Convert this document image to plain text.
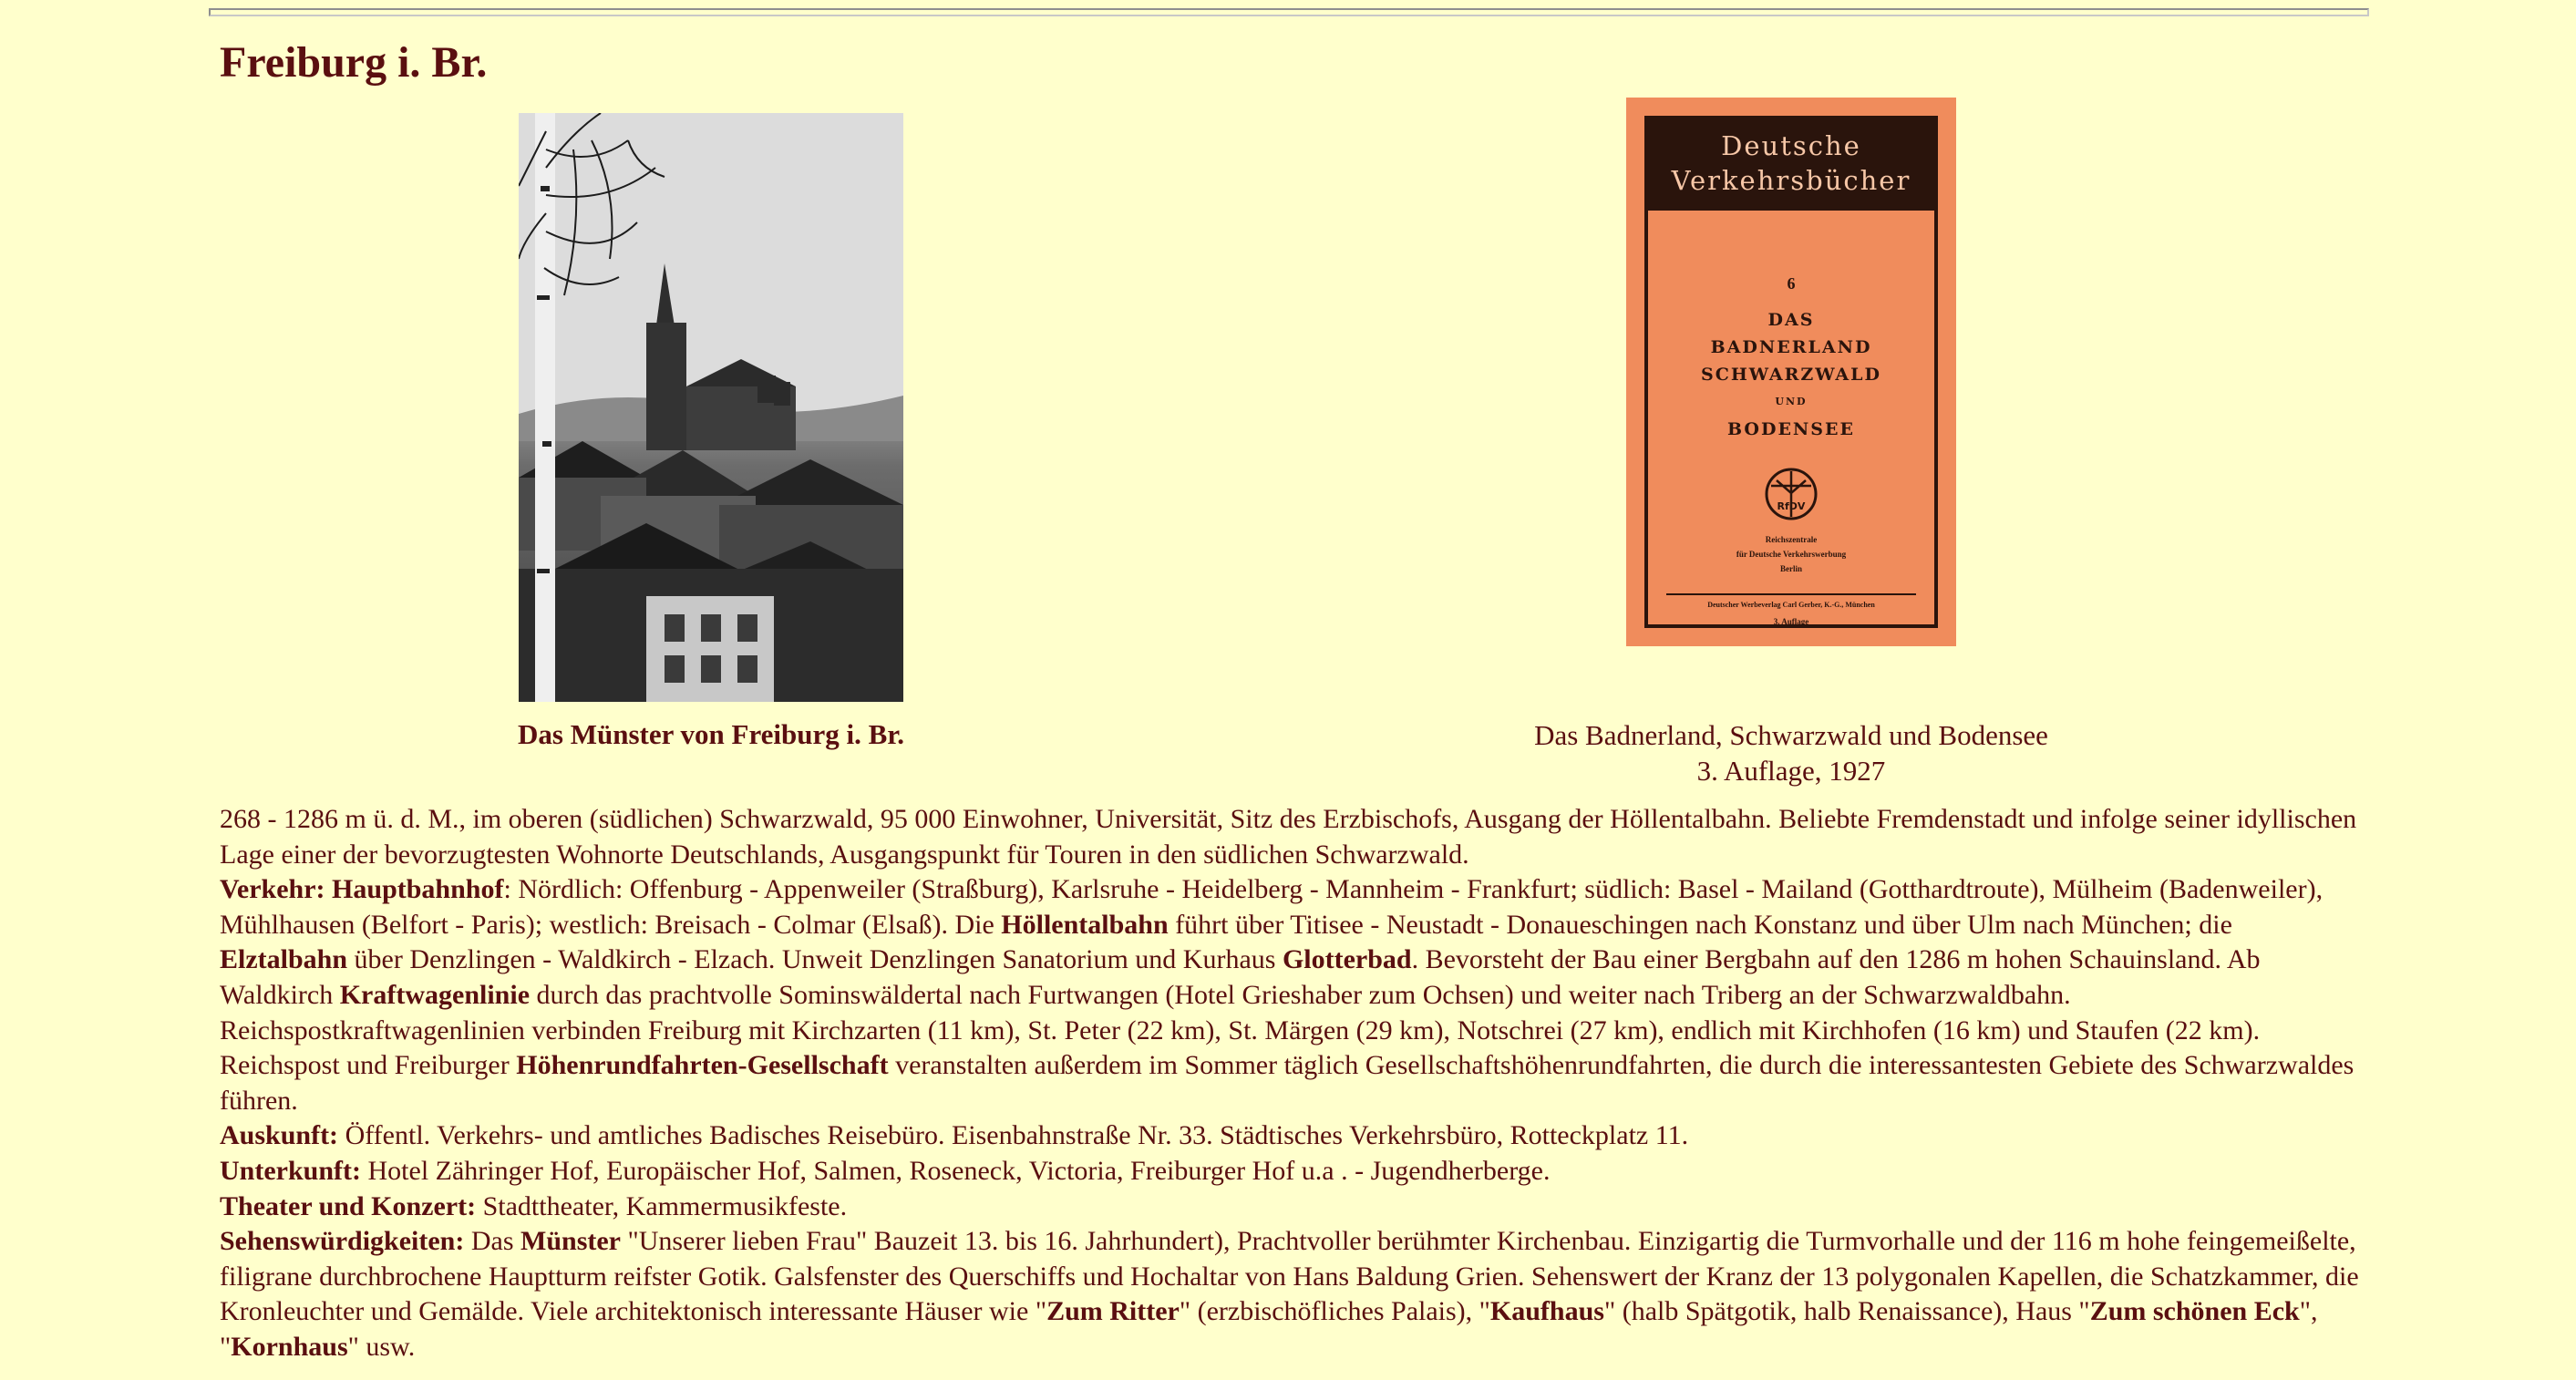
Freiburg i. Br.
Das Münster von Freiburg i. Br.
Deutsche
Verkehrsbücher
6
DAS
BADNERLAND
SCHWARZWALD
UND
BODENSEE
RfDV
Reichszentrale
für Deutsche Verkehrswerbung
Berlin
Deutscher Werbeverlag Carl Gerber, K.-G., München
3. Auflage
Das Badnerland, Schwarzwald und Bodensee
3. Auflage, 1927

268 - 1286 m ü. d. M., im oberen (südlichen) Schwarzwald, 95 000 Einwohner, Universität, Sitz des Erzbischofs, Ausgang der Höllentalbahn. Beliebte Fremdenstadt und infolge seiner idyllischen Lage einer der bevorzugtesten Wohnorte Deutschlands, Ausgangspunkt für Touren in den südlichen Schwarzwald.

Verkehr: Hauptbahnhof: Nördlich: Offenburg - Appenweiler (Straßburg), Karlsruhe - Heidelberg - Mannheim - Frankfurt; südlich: Basel - Mailand (Gotthardtroute), Mülheim (Badenweiler), Mühlhausen (Belfort - Paris); westlich: Breisach - Colmar (Elsaß). Die Höllentalbahn führt über Titisee - Neustadt - Donaueschingen nach Konstanz und über Ulm nach München; die Elztalbahn über Denzlingen - Waldkirch - Elzach. Unweit Denzlingen Sanatorium und Kurhaus Glotterbad. Bevorsteht der Bau einer Bergbahn auf den 1286 m hohen Schauinsland. Ab Waldkirch Kraftwagenlinie durch das prachtvolle Sominswäldertal nach Furtwangen (Hotel Grieshaber zum Ochsen) und weiter nach Triberg an der Schwarzwaldbahn. Reichspostkraftwagenlinien verbinden Freiburg mit Kirchzarten (11 km), St. Peter (22 km), St. Märgen (29 km), Notschrei (27 km), endlich mit Kirchhofen (16 km) und Staufen (22 km). Reichspost und Freiburger Höhenrundfahrten-Gesellschaft veranstalten außerdem im Sommer täglich Gesellschaftshöhenrundfahrten, die durch die interessantesten Gebiete des Schwarzwaldes führen.

Auskunft: Öffentl. Verkehrs- und amtliches Badisches Reisebüro. Eisenbahnstraße Nr. 33. Städtisches Verkehrsbüro, Rotteckplatz 11.

Unterkunft: Hotel Zähringer Hof, Europäischer Hof, Salmen, Roseneck, Victoria, Freiburger Hof u.a . - Jugendherberge.

Theater und Konzert: Stadttheater, Kammermusikfeste.

Sehenswürdigkeiten: Das Münster "Unserer lieben Frau" Bauzeit 13. bis 16. Jahrhundert), Prachtvoller berühmter Kirchenbau. Einzigartig die Turmvorhalle und der 116 m hohe feingemeißelte, filigrane durchbrochene Hauptturm reifster Gotik. Galsfenster des Querschiffs und Hochaltar von Hans Baldung Grien. Sehenswert der Kranz der 13 polygonalen Kapellen, die Schatzkammer, die Kronleuchter und Gemälde. Viele architektonisch interessante Häuser wie "Zum Ritter" (erzbischöfliches Palais), "Kaufhaus" (halb Spätgotik, halb Renaissance), Haus "Zum schönen Eck", "Kornhaus" usw.
